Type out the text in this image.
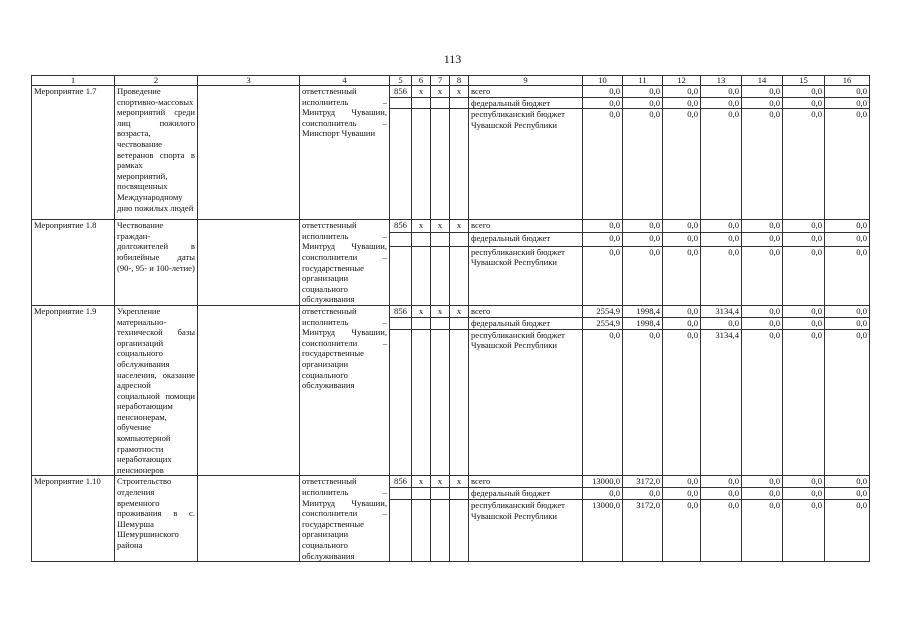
113
1	2	3	4	5	6	7	8	9	10	11	12	13	14	15	16
Мероприятие 1.7	Проведение спортивно-массовых мероприятий среди лиц пожилого возраста, чествование ветеранов спорта в рамках мероприятий, посвященных Международному дню пожилых людей		ответственный исполнитель – Минтруд Чувашии, соисполнитель – Минспорт Чувашии	856	х	х	х	всего	0,0	0,0	0,0	0,0	0,0	0,0	0,0
								федеральный бюджет	0,0	0,0	0,0	0,0	0,0	0,0	0,0
								республиканский бюджет Чувашской Республики	0,0	0,0	0,0	0,0	0,0	0,0	0,0
Мероприятие 1.8	Чествование граждан-долгожителей в юбилейные даты (90-, 95- и 100-летие)		ответственный исполнитель – Минтруд Чувашии, соисполнители – государственные организации социального обслуживания	856	х	х	х	всего	0,0	0,0	0,0	0,0	0,0	0,0	0,0
								федеральный бюджет	0,0	0,0	0,0	0,0	0,0	0,0	0,0
								республиканский бюджет Чувашской Республики	0,0	0,0	0,0	0,0	0,0	0,0	0,0
Мероприятие 1.9	Укрепление материально-технической базы организаций социального обслуживания населения, оказание адресной социальной помощи неработающим пенсионерам, обучение компьютерной грамотности неработающих пенсионеров		ответственный исполнитель – Минтруд Чувашии, соисполнители – государственные организации социального обслуживания	856	х	х	х	всего	2554,9	1998,4	0,0	3134,4	0,0	0,0	0,0
								федеральный бюджет	2554,9	1998,4	0,0	0,0	0,0	0,0	0,0
								республиканский бюджет Чувашской Республики	0,0	0,0	0,0	3134,4	0,0	0,0	0,0
Мероприятие 1.10	Строительство отделения временного проживания в с. Шемурша Шемуршинского района		ответственный исполнитель – Минтруд Чувашии, соисполнители – государственные организации социального обслуживания	856	х	х	х	всего	13000,0	3172,0	0,0	0,0	0,0	0,0	0,0
								федеральный бюджет	0,0	0,0	0,0	0,0	0,0	0,0	0,0
								республиканский бюджет Чувашской Республики	13000,0	3172,0	0,0	0,0	0,0	0,0	0,0
